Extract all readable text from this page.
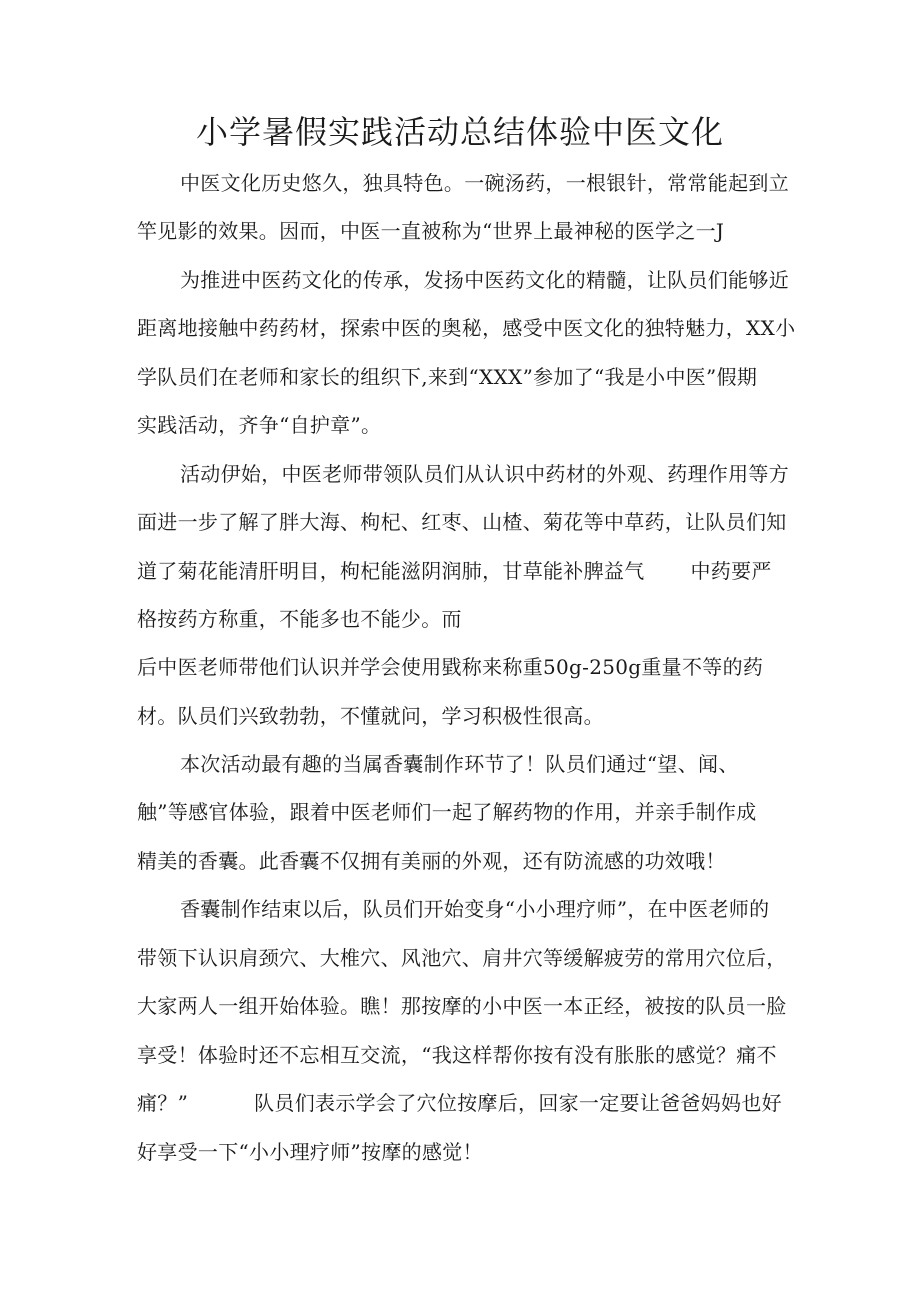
小学暑假实践活动总结体验中医文化

中医文化历史悠久，独具特色。一碗汤药，一根银针，常常能起到立

竿见影的效果。因而，中医一直被称为“世界上最神秘的医学之一J

为推进中医药文化的传承，发扬中医药文化的精髓，让队员们能够近

距离地接触中药药材，探索中医的奥秘，感受中医文化的独特魅力，XX小

学队员们在老师和家长的组织下,来到“XXX”参加了“我是小中医”假期

实践活动，齐争“自护章”。

活动伊始，中医老师带领队员们从认识中药材的外观、药理作用等方

面进一步了解了胖大海、枸杞、红枣、山楂、菊花等中草药，让队员们知

道了菊花能清肝明目，枸杞能滋阴润肺，甘草能补脾益气 中药要严

格按药方称重，不能多也不能少。而

后中医老师带他们认识并学会使用戥称来称重50g-250g重量不等的药

材。队员们兴致勃勃，不懂就问，学习积极性很高。

本次活动最有趣的当属香囊制作环节了！队员们通过“望、闻、

触”等感官体验，跟着中医老师们一起了解药物的作用，并亲手制作成

精美的香囊。此香囊不仅拥有美丽的外观，还有防流感的功效哦！

香囊制作结束以后，队员们开始变身“小小理疗师”，在中医老师的

带领下认识肩颈穴、大椎穴、风池穴、肩井穴等缓解疲劳的常用穴位后，

大家两人一组开始体验。瞧！那按摩的小中医一本正经，被按的队员一脸

享受！体验时还不忘相互交流，“我这样帮你按有没有胀胀的感觉？痛不

痛？”	队员们表示学会了穴位按摩后，回家一定要让爸爸妈妈也好

好享受一下“小小理疗师”按摩的感觉！
